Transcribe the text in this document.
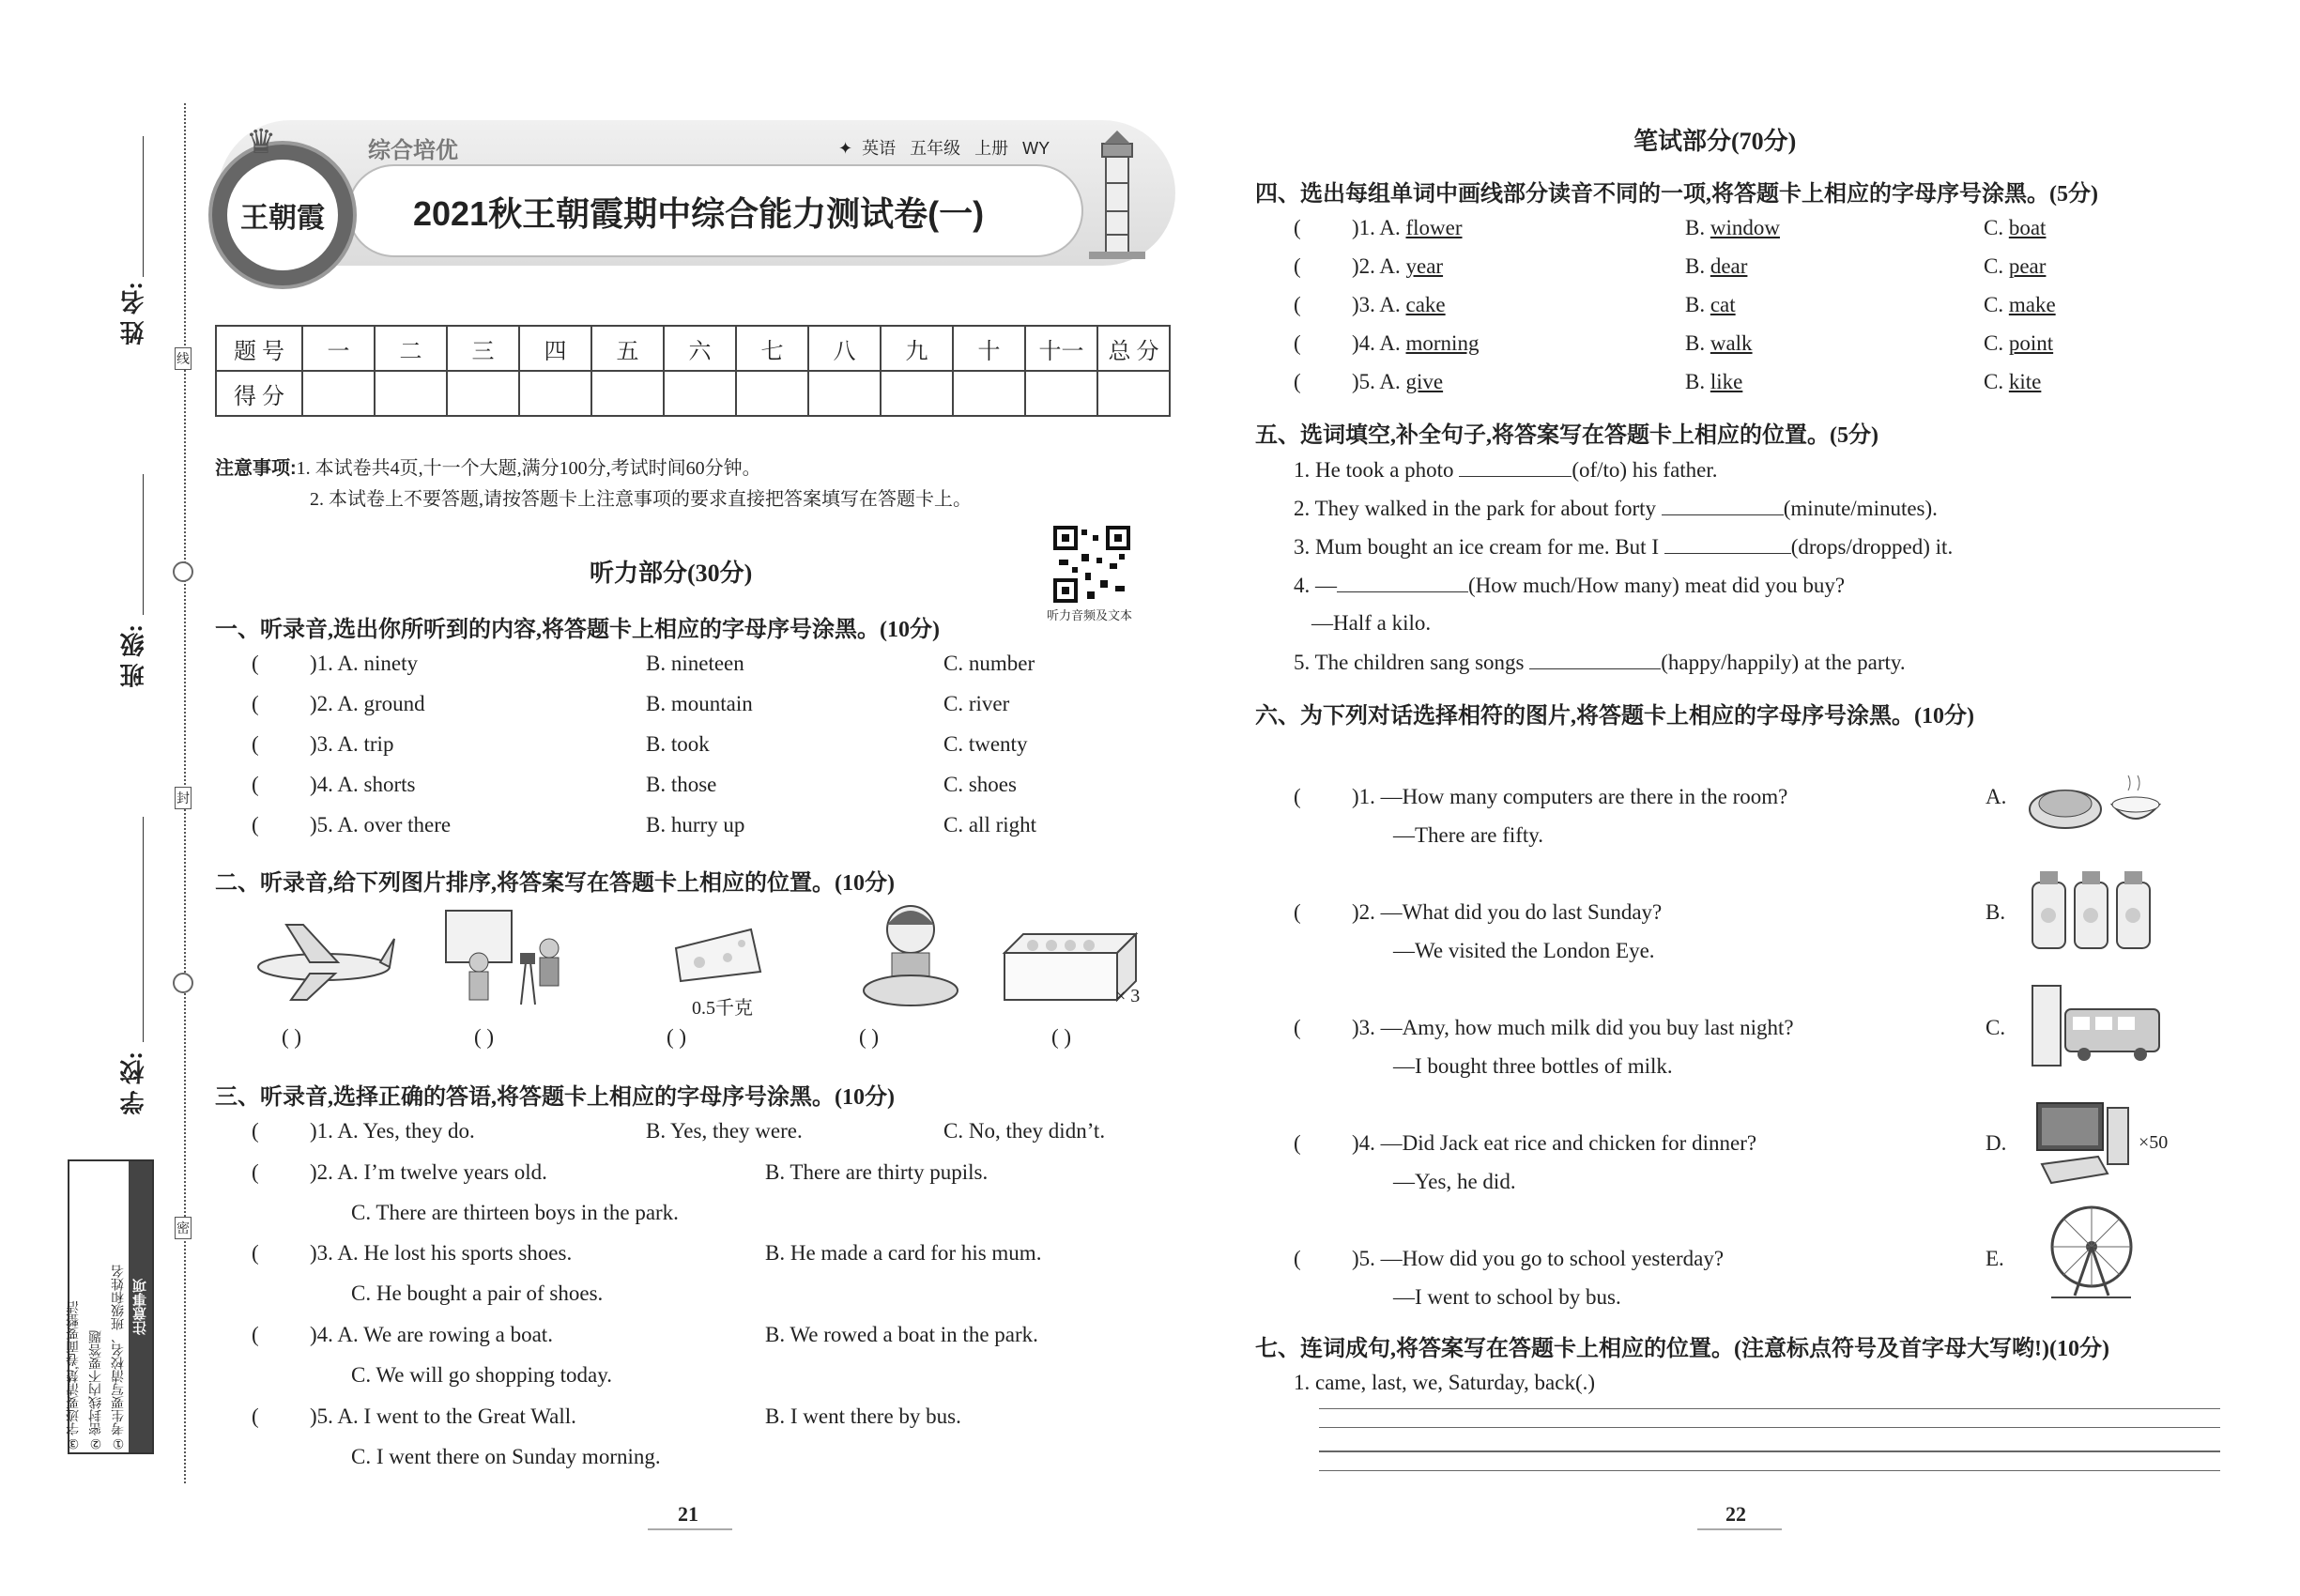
姓 名:
班 级:
学 校:
线
封
密
注意事项
①考生要写清校名、班级和姓名
②密封线内不要答题
③字迹要清楚,卷面要整洁
王朝霞
♛	综合培优	✦ 英语 五年级 上册 WY
2021秋王朝霞期中综合能力测试卷(一)
题 号	一	二	三	四	五	六	七	八	九	十	十一	总 分
得 分												
注意事项:1. 本试卷共4页,十一个大题,满分100分,考试时间60分钟。
2. 本试卷上不要答题,请按答题卡上注意事项的要求直接把答案填写在答题卡上。
听力音频及文本
听力部分(30分)
一、听录音,选出你所听到的内容,将答题卡上相应的字母序号涂黑。(10分)
( )1. A. ninety	B. nineteen	C. number
( )2. A. ground	B. mountain	C. river
( )3. A. trip	B. took	C. twenty
( )4. A. shorts	B. those	C. shoes
( )5. A. over there	B. hurry up	C. all right
二、听录音,给下列图片排序,将答案写在答题卡上相应的位置。(10分)
0.5千克
× 3
( )	( )	( )	( )	( )
三、听录音,选择正确的答语,将答题卡上相应的字母序号涂黑。(10分)
( )1. A. Yes, they do.	B. Yes, they were.	C. No, they didn’t.
( )2. A. I’m twelve years old.	B. There are thirty pupils.
C. There are thirteen boys in the park.
( )3. A. He lost his sports shoes.	B. He made a card for his mum.
C. He bought a pair of shoes.
( )4. A. We are rowing a boat.	B. We rowed a boat in the park.
C. We will go shopping today.
( )5. A. I went to the Great Wall.	B. I went there by bus.
C. I went there on Sunday morning.
21
笔试部分(70分)
四、选出每组单词中画线部分读音不同的一项,将答题卡上相应的字母序号涂黑。(5分)
( )1. A. flower	B. window	C. boat
( )2. A. year	B. dear	C. pear
( )3. A. cake	B. cat	C. make
( )4. A. morning	B. walk	C. point
( )5. A. give	B. like	C. kite
五、选词填空,补全句子,将答案写在答题卡上相应的位置。(5分)
1. He took a photo	(of/to) his father.
2. They walked in the park for about forty	(minute/minutes).
3. Mum bought an ice cream for me. But I	(drops/dropped) it.
4. —	(How much/How many) meat did you buy?
—Half a kilo.
5. The children sang songs	(happy/happily) at the party.
六、为下列对话选择相符的图片,将答题卡上相应的字母序号涂黑。(10分)
( )1. —How many computers are there in the room?
—There are fifty.
A.
( )2. —What did you do last Sunday?
—We visited the London Eye.
B.
( )3. —Amy, how much milk did you buy last night?
—I bought three bottles of milk.
C.
( )4. —Did Jack eat rice and chicken for dinner?
—Yes, he did.
D.
( )5. —How did you go to school yesterday?
—I went to school by bus.
E.
×50
七、连词成句,将答案写在答题卡上相应的位置。(注意标点符号及首字母大写哟!)(10分)
1. came, last, we, Saturday, back(.)
22
